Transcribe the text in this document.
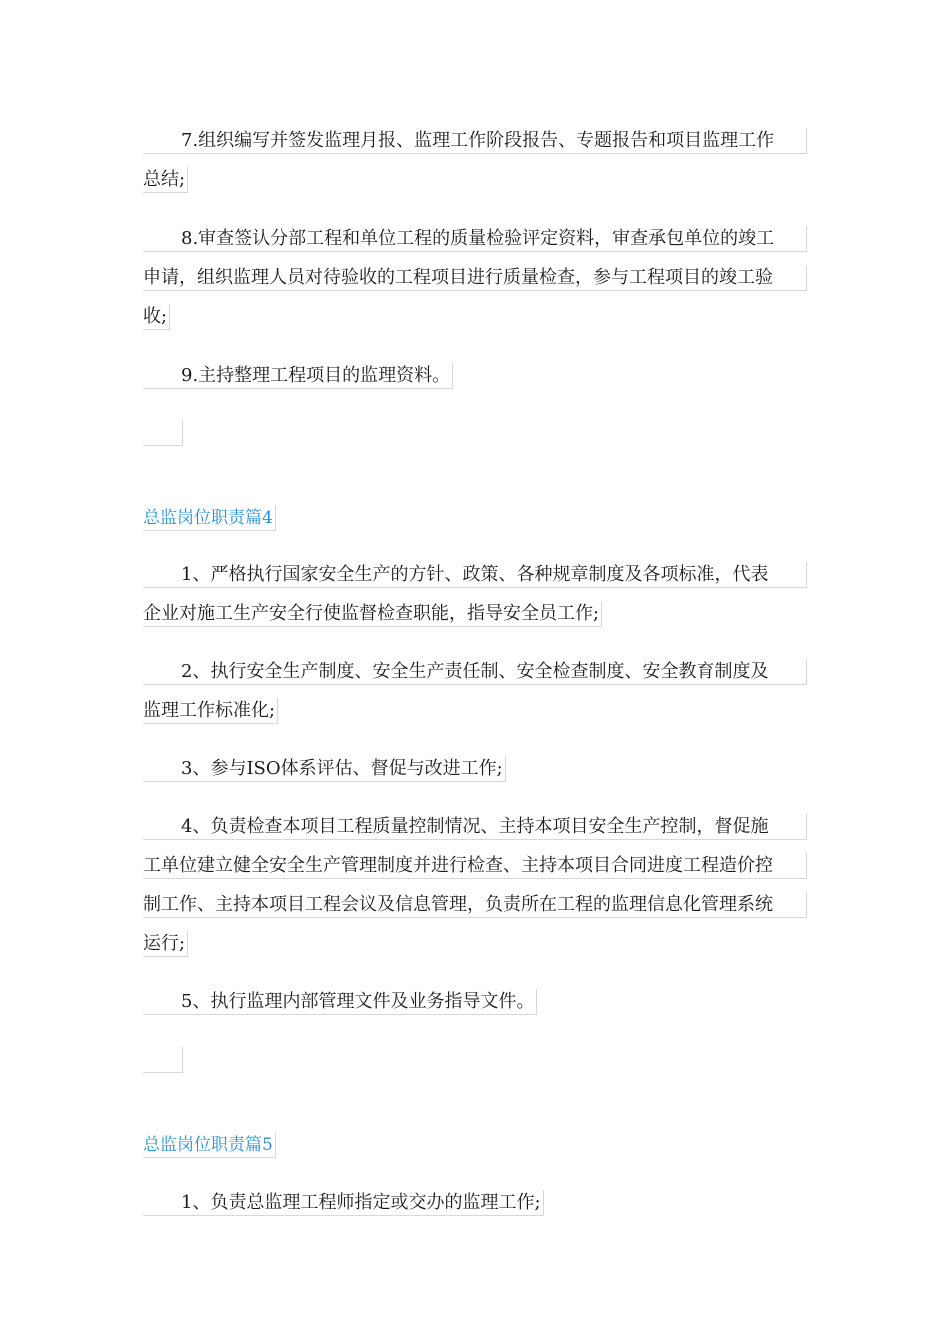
7.组织编写并签发监理月报、监理工作阶段报告、专题报告和项目监理工作
总结;
8.审查签认分部工程和单位工程的质量检验评定资料，审查承包单位的竣工
申请，组织监理人员对待验收的工程项目进行质量检查，参与工程项目的竣工验
收;
9.主持整理工程项目的监理资料。
总监岗位职责篇4
1、严格执行国家安全生产的方针、政策、各种规章制度及各项标准，代表
企业对施工生产安全行使监督检查职能，指导安全员工作;
2、执行安全生产制度、安全生产责任制、安全检查制度、安全教育制度及
监理工作标准化;
3、参与ISO体系评估、督促与改进工作;
4、负责检查本项目工程质量控制情况、主持本项目安全生产控制，督促施
工单位建立健全安全生产管理制度并进行检查、主持本项目合同进度工程造价控
制工作、主持本项目工程会议及信息管理，负责所在工程的监理信息化管理系统
运行;
5、执行监理内部管理文件及业务指导文件。
总监岗位职责篇5
1、负责总监理工程师指定或交办的监理工作;
